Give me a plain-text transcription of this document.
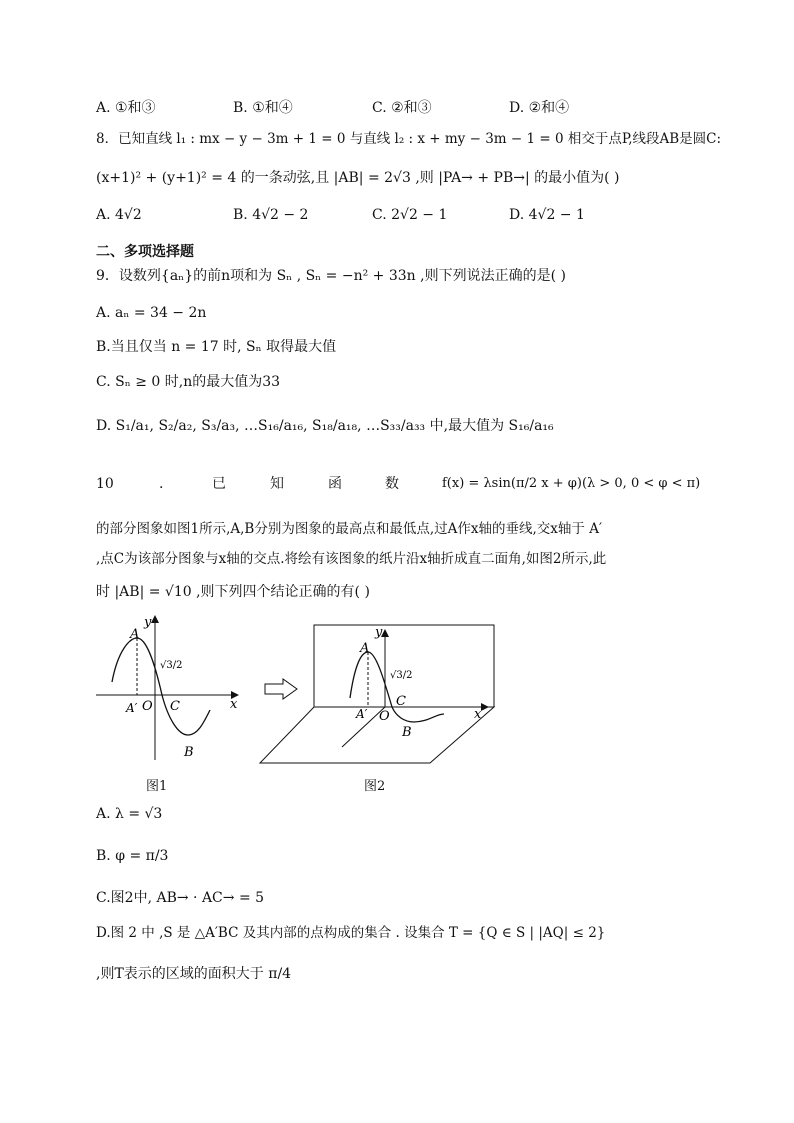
A. ①和③	B. ①和④	C. ②和③	D. ②和④
8．已知直线 l₁ : mx − y − 3m + 1 = 0 与直线 l₂ : x + my − 3m − 1 = 0 相交于点P,线段AB是圆C:
(x+1)² + (y+1)² = 4 的一条动弦,且 |AB| = 2√3 ,则 |PA→ + PB→| 的最小值为( )
A. 4√2	B. 4√2 − 2	C. 2√2 − 1	D. 4√2 − 1
二、多项选择题
9．设数列{aₙ}的前n项和为 Sₙ , Sₙ = −n² + 33n ,则下列说法正确的是( )
A. aₙ = 34 − 2n
B.当且仅当 n = 17 时, Sₙ 取得最大值
C. Sₙ ≥ 0 时,n的最大值为33
D. S₁/a₁, S₂/a₂, S₃/a₃, …S₁₆/a₁₆, S₁₈/a₁₈, …S₃₃/a₃₃ 中,最大值为 S₁₆/a₁₆
10	.	已	知	函	数	f(x) = λsin(π/2 x + φ)(λ > 0, 0 < φ < π)
的部分图象如图1所示,A,B分别为图象的最高点和最低点,过A作x轴的垂线,交x轴于 A′
,点C为该部分图象与x轴的交点.将绘有该图象的纸片沿x轴折成直二面角,如图2所示,此
时 |AB| = √10 ,则下列四个结论正确的有( )
A
B
C
O
A′	x
y
√3/2
图1
A
B
C
O
A′	x
y
√3/2
图2
A. λ = √3
B. φ = π/3
C.图2中, AB→ · AC→ = 5
D.图 2 中 ,S 是 △A′BC 及其内部的点构成的集合 . 设集合 T = {Q ∈ S | |AQ| ≤ 2}
,则T表示的区域的面积大于 π/4
